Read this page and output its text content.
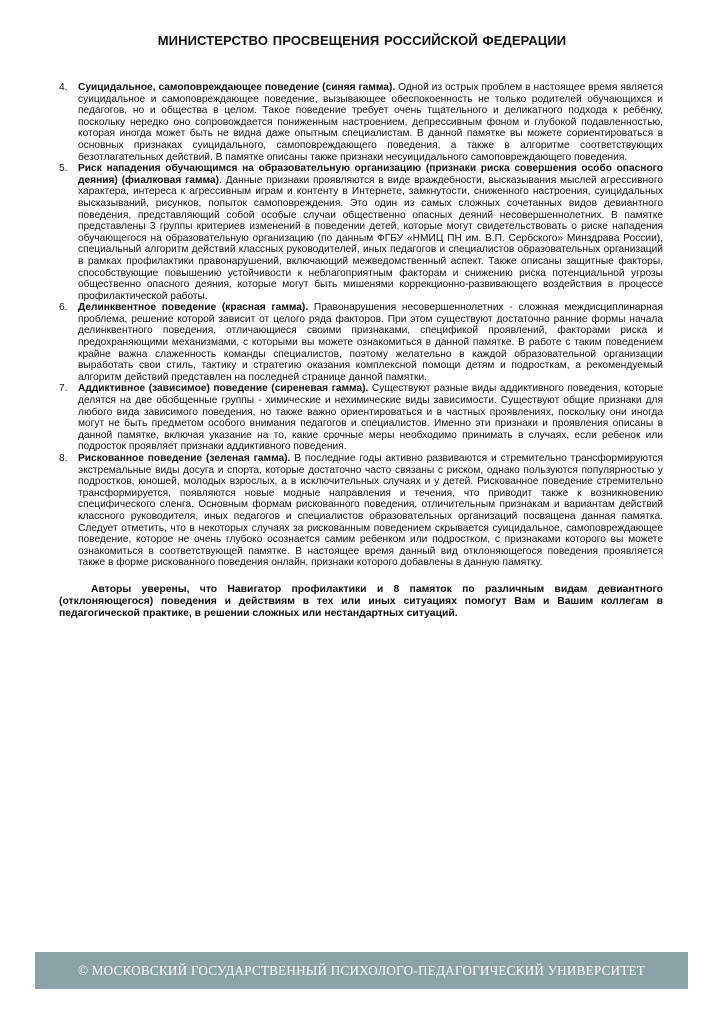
МИНИСТЕРСТВО ПРОСВЕЩЕНИЯ РОССИЙСКОЙ ФЕДЕРАЦИИ
4. Суицидальное, самоповреждающее поведение (синяя гамма). Одной из острых проблем в настоящее время является суицидальное и самоповреждающее поведение, вызывающее обеспокоенность не только родителей обучающихся и педагогов, но и общества в целом. Такое поведение требует очень тщательного и деликатного подхода к ребёнку, поскольку нередко оно сопровождается пониженным настроением, депрессивным фоном и глубокой подавленностью, которая иногда может быть не видна даже опытным специалистам. В данной памятке вы можете сориентироваться в основных признаках суицидального, самоповреждающего поведения, а также в алгоритме соответствующих безотлагательных действий. В памятке описаны также признаки несуицидального самоповреждающего поведения.
5. Риск нападения обучающимся на образовательную организацию (признаки риска совершения особо опасного деяния) (фиалковая гамма). Данные признаки проявляются в виде враждебности, высказывания мыслей агрессивного характера, интереса к агрессивным играм и контенту в Интернете, замкнутости, сниженного настроения, суицидальных высказываний, рисунков, попыток самоповреждения. Это один из самых сложных сочетанных видов девиантного поведения, представляющий собой особые случаи общественно опасных деяний несовершеннолетних. В памятке представлены 3 группы критериев изменений в поведении детей, которые могут свидетельствовать о риске нападения обучающегося на образовательную организацию (по данным ФГБУ «НМИЦ ПН им. В.П. Сербского» Минздрава России), специальный алгоритм действий классных руководителей, иных педагогов и специалистов образовательных организаций в рамках профилактики правонарушений, включающий межведомственный аспект. Также описаны защитные факторы, способствующие повышению устойчивости к неблагоприятным факторам и снижению риска потенциальной угрозы общественно опасного деяния, которые могут быть мишенями коррекционно-развивающего воздействия в процессе профилактической работы.
6. Делинквентное поведение (красная гамма). Правонарушения несовершеннолетних - сложная междисциплинарная проблема, решение которой зависит от целого ряда факторов. При этом существуют достаточно ранние формы начала делинквентного поведения, отличающиеся своими признаками, спецификой проявлений, факторами риска и предохраняющими механизмами, с которыми вы можете ознакомиться в данной памятке. В работе с таким поведением крайне важна слаженность команды специалистов, поэтому желательно в каждой образовательной организации выработать свои стиль, тактику и стратегию оказания комплексной помощи детям и подросткам, а рекомендуемый алгоритм действий представлен на последней странице данной памятки.
7. Аддиктивное (зависимое) поведение (сиреневая гамма). Существуют разные виды аддиктивного поведения, которые делятся на две обобщенные группы - химические и нехимические виды зависимости. Существуют общие признаки для любого вида зависимого поведения, но также важно ориентироваться и в частных проявлениях, поскольку они иногда могут не быть предметом особого внимания педагогов и специалистов. Именно эти признаки и проявления описаны в данной памятке, включая указание на то, какие срочные меры необходимо принимать в случаях, если ребенок или подросток проявляет признаки аддиктивного поведения.
8. Рискованное поведение (зеленая гамма). В последние годы активно развиваются и стремительно трансформируются экстремальные виды досуга и спорта, которые достаточно часто связаны с риском, однако пользуются популярностью у подростков, юношей, молодых взрослых, а в исключительных случаях и у детей. Рискованное поведение стремительно трансформируется, появляются новые модные направления и течения, что приводит также к возникновению специфического сленга. Основным формам рискованного поведения, отличительным признакам и вариантам действий классного руководителя, иных педагогов и специалистов образовательных организаций посвящена данная памятка. Следует отметить, что в некоторых случаях за рискованным поведением скрывается суицидальное, самоповреждающее поведение, которое не очень глубоко осознается самим ребенком или подростком, с признаками которого вы можете ознакомиться в соответствующей памятке. В настоящее время данный вид отклоняющегося поведения проявляется также в форме рискованного поведения онлайн, признаки которого добавлены в данную памятку.

Авторы уверены, что Навигатор профилактики и 8 памяток по различным видам девиантного (отклоняющегося) поведения и действиям в тех или иных ситуациях помогут Вам и Вашим коллегам в педагогической практике, в решении сложных или нестандартных ситуаций.

© МОСКОВСКИЙ ГОСУДАРСТВЕННЫЙ ПСИХОЛОГО-ПЕДАГОГИЧЕСКИЙ УНИВЕРСИТЕТ
